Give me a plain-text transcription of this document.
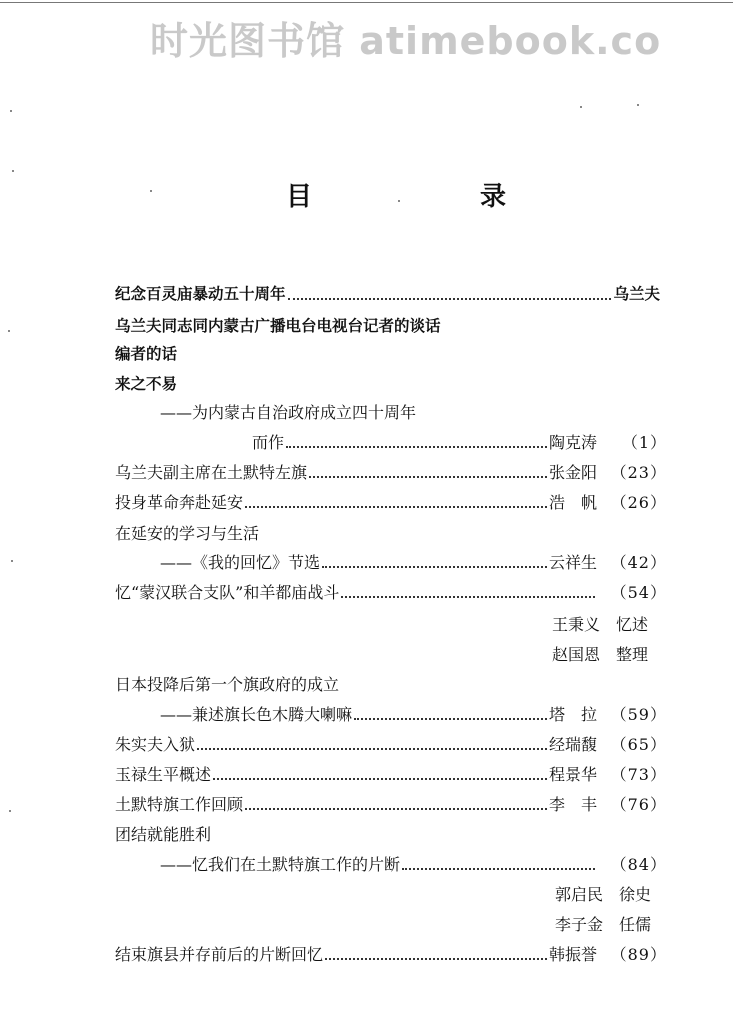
时光图书馆 atimebook.co
目	录
纪念百灵庙暴动五十周年	乌兰夫
乌兰夫同志同内蒙古广播电台电视台记者的谈话
编者的话
来之不易
——为内蒙古自治政府成立四十周年
而作	陶克涛	（1）
乌兰夫副主席在土默特左旗	张金阳 （23）
投身革命奔赴延安	浩　帆 （26）
在延安的学习与生活
——《我的回忆》节选	云祥生 （42）
忆“蒙汉联合支队”和羊都庙战斗	（54）
王秉义　忆述
赵国恩　整理
日本投降后第一个旗政府的成立
——兼述旗长色木腾大喇嘛	塔　拉 （59）
朱实夫入狱	经瑞馥 （65）
玉禄生平概述	程景华 （73）
土默特旗工作回顾	李　丰 （76）
团结就能胜利
——忆我们在土默特旗工作的片断	（84）
郭启民　徐史
李子金　任儒
结束旗县并存前后的片断回忆	韩振誉 （89）
